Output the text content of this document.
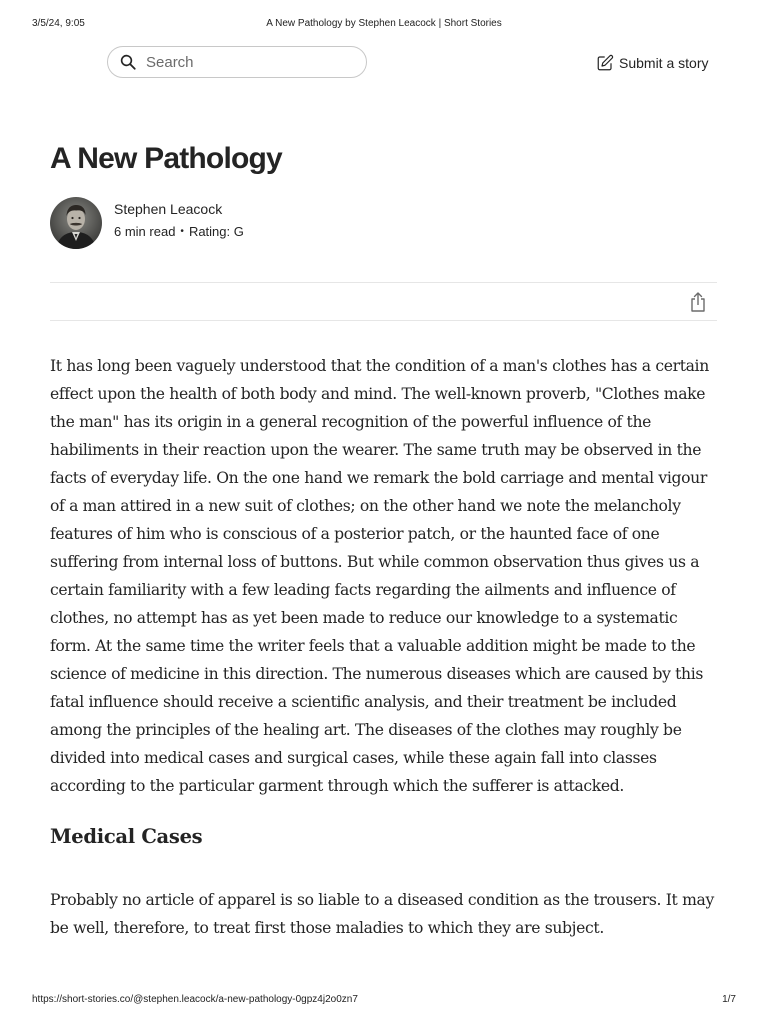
3/5/24, 9:05	A New Pathology by Stephen Leacock | Short Stories
Search
Submit a story
A New Pathology
Stephen Leacock
6 min read • Rating: G

It has long been vaguely understood that the condition of a man's clothes has a certain effect upon the health of both body and mind. The well-known proverb, "Clothes make the man" has its origin in a general recognition of the powerful influence of the habiliments in their reaction upon the wearer. The same truth may be observed in the facts of everyday life. On the one hand we remark the bold carriage and mental vigour of a man attired in a new suit of clothes; on the other hand we note the melancholy features of him who is conscious of a posterior patch, or the haunted face of one suffering from internal loss of buttons. But while common observation thus gives us a certain familiarity with a few leading facts regarding the ailments and influence of clothes, no attempt has as yet been made to reduce our knowledge to a systematic form. At the same time the writer feels that a valuable addition might be made to the science of medicine in this direction. The numerous diseases which are caused by this fatal influence should receive a scientific analysis, and their treatment be included among the principles of the healing art. The diseases of the clothes may roughly be divided into medical cases and surgical cases, while these again fall into classes according to the particular garment through which the sufferer is attacked.

Medical Cases

Probably no article of apparel is so liable to a diseased condition as the trousers. It may be well, therefore, to treat first those maladies to which they are subject.

https://short-stories.co/@stephen.leacock/a-new-pathology-0gpz4j2o0zn7	1/7
